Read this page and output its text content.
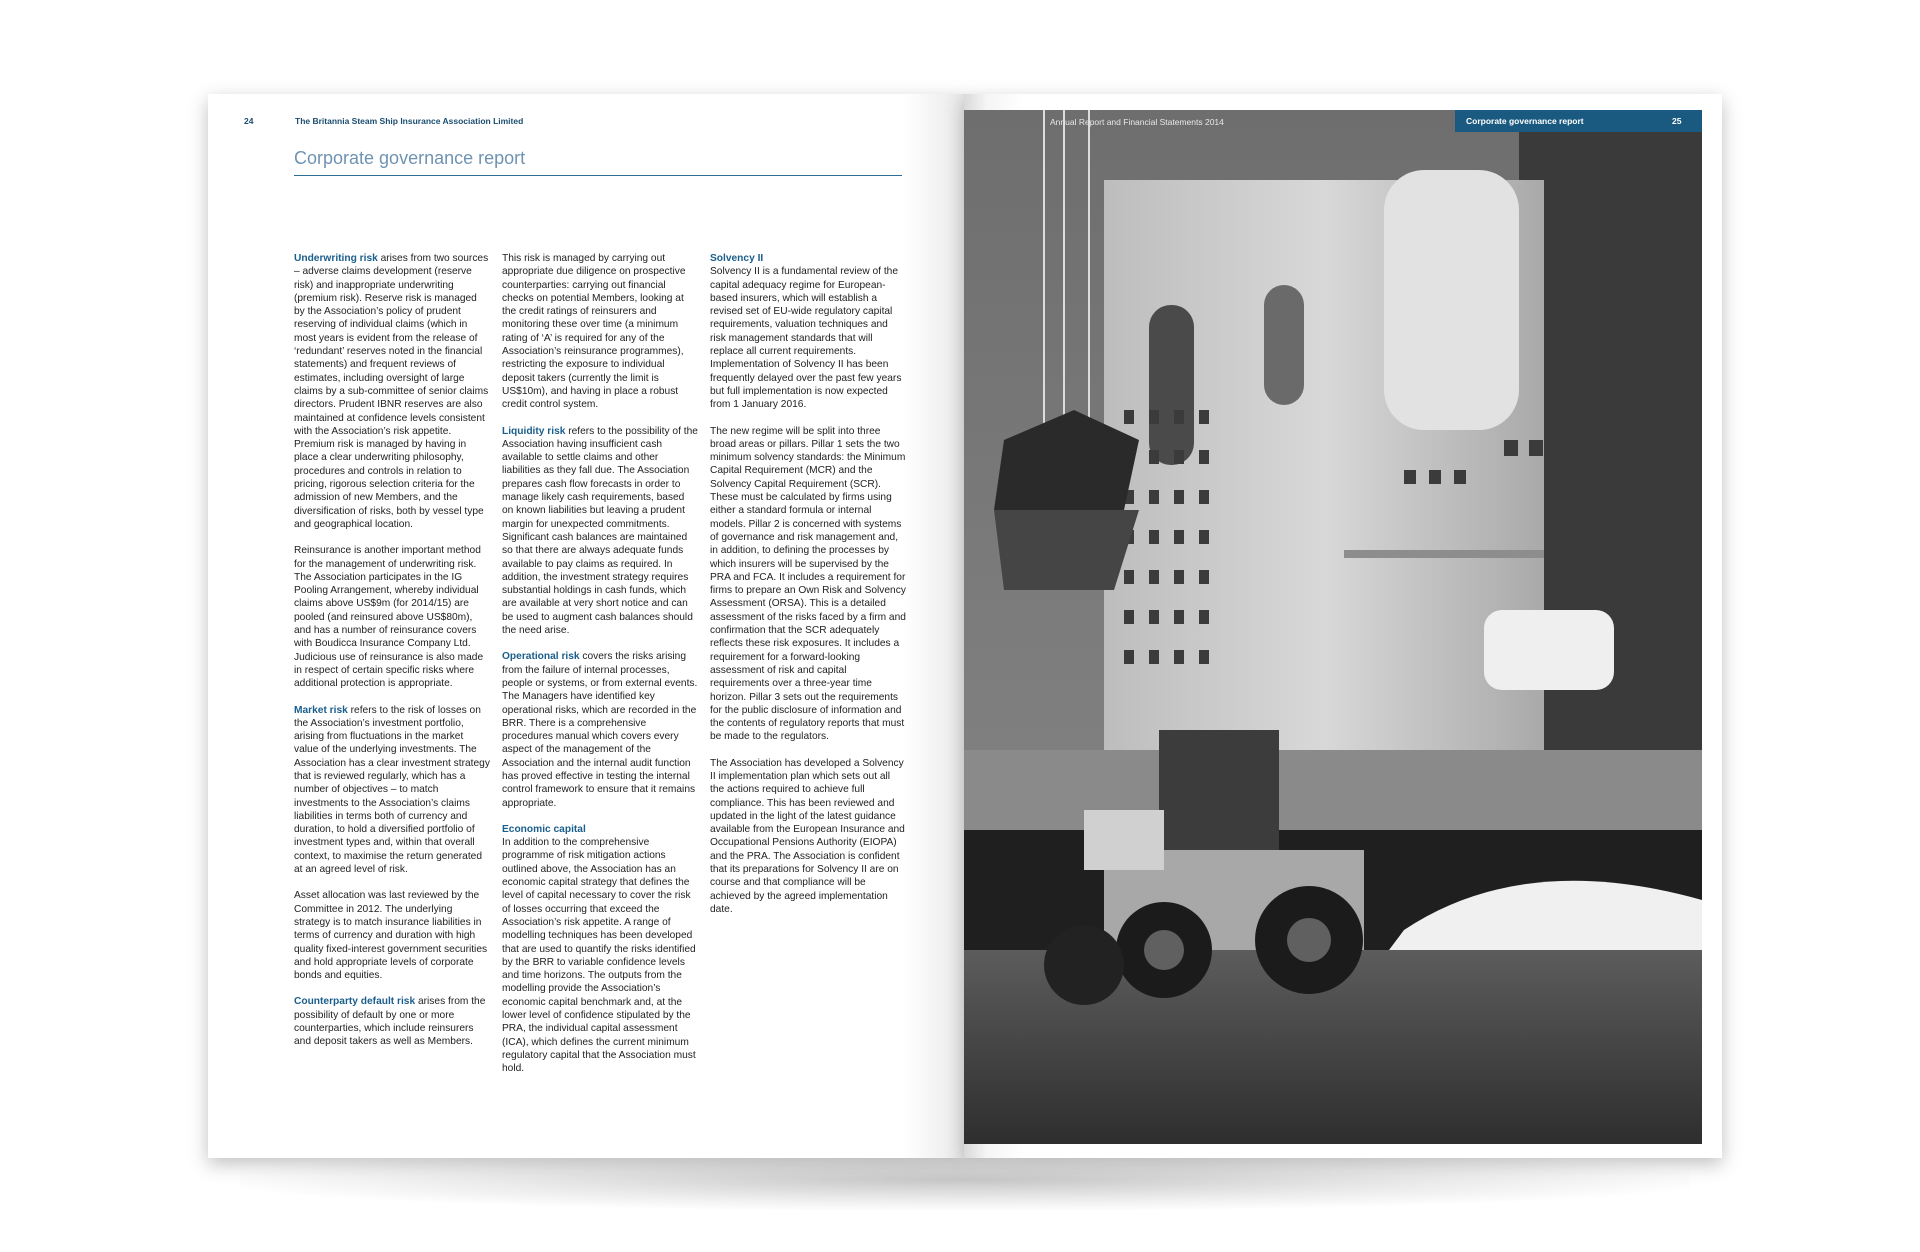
24	The Britannia Steam Ship Insurance Association Limited
Corporate governance report

Underwriting risk arises from two sources – adverse claims development (reserve risk) and inappropriate underwriting (premium risk). Reserve risk is managed by the Association’s policy of prudent reserving of individual claims (which in most years is evident from the release of ‘redundant’ reserves noted in the financial statements) and frequent reviews of estimates, including oversight of large claims by a sub-committee of senior claims directors. Prudent IBNR reserves are also maintained at confidence levels consistent with the Association’s risk appetite. Premium risk is managed by having in place a clear underwriting philosophy, procedures and controls in relation to pricing, rigorous selection criteria for the admission of new Members, and the diversification of risks, both by vessel type and geographical location.

Reinsurance is another important method for the management of underwriting risk. The Association participates in the IG Pooling Arrangement, whereby individual claims above US$9m (for 2014/15) are pooled (and reinsured above US$80m), and has a number of reinsurance covers with Boudicca Insurance Company Ltd. Judicious use of reinsurance is also made in respect of certain specific risks where additional protection is appropriate.

Market risk refers to the risk of losses on the Association’s investment portfolio, arising from fluctuations in the market value of the underlying investments. The Association has a clear investment strategy that is reviewed regularly, which has a number of objectives – to match investments to the Association’s claims liabilities in terms both of currency and duration, to hold a diversified portfolio of investment types and, within that overall context, to maximise the return generated at an agreed level of risk.

Asset allocation was last reviewed by the Committee in 2012. The underlying strategy is to match insurance liabilities in terms of currency and duration with high quality fixed-interest government securities and hold appropriate levels of corporate bonds and equities.

Counterparty default risk arises from the possibility of default by one or more counterparties, which include reinsurers and deposit takers as well as Members.

This risk is managed by carrying out appropriate due diligence on prospective counterparties: carrying out financial checks on potential Members, looking at the credit ratings of reinsurers and monitoring these over time (a minimum rating of ‘A’ is required for any of the Association’s reinsurance programmes), restricting the exposure to individual deposit takers (currently the limit is US$10m), and having in place a robust credit control system.

Liquidity risk refers to the possibility of the Association having insufficient cash available to settle claims and other liabilities as they fall due. The Association prepares cash flow forecasts in order to manage likely cash requirements, based on known liabilities but leaving a prudent margin for unexpected commitments. Significant cash balances are maintained so that there are always adequate funds available to pay claims as required. In addition, the investment strategy requires substantial holdings in cash funds, which are available at very short notice and can be used to augment cash balances should the need arise.

Operational risk covers the risks arising from the failure of internal processes, people or systems, or from external events. The Managers have identified key operational risks, which are recorded in the BRR. There is a comprehensive procedures manual which covers every aspect of the management of the Association and the internal audit function has proved effective in testing the internal control framework to ensure that it remains appropriate.

Economic capital
In addition to the comprehensive programme of risk mitigation actions outlined above, the Association has an economic capital strategy that defines the level of capital necessary to cover the risk of losses occurring that exceed the Association’s risk appetite. A range of modelling techniques has been developed that are used to quantify the risks identified by the BRR to variable confidence levels and time horizons. The outputs from the modelling provide the Association’s economic capital benchmark and, at the lower level of confidence stipulated by the PRA, the individual capital assessment (ICA), which defines the current minimum regulatory capital that the Association must hold.

Solvency II
Solvency II is a fundamental review of the capital adequacy regime for European-based insurers, which will establish a revised set of EU-wide regulatory capital requirements, valuation techniques and risk management standards that will replace all current requirements. Implementation of Solvency II has been frequently delayed over the past few years but full implementation is now expected from 1 January 2016.

The new regime will be split into three broad areas or pillars. Pillar 1 sets the two minimum solvency standards: the Minimum Capital Requirement (MCR) and the Solvency Capital Requirement (SCR). These must be calculated by firms using either a standard formula or internal models. Pillar 2 is concerned with systems of governance and risk management and, in addition, to defining the processes by which insurers will be supervised by the PRA and FCA. It includes a requirement for firms to prepare an Own Risk and Solvency Assessment (ORSA). This is a detailed assessment of the risks faced by a firm and confirmation that the SCR adequately reflects these risk exposures. It includes a requirement for a forward-looking assessment of risk and capital requirements over a three-year time horizon. Pillar 3 sets out the requirements for the public disclosure of information and the contents of regulatory reports that must be made to the regulators.

The Association has developed a Solvency II implementation plan which sets out all the actions required to achieve full compliance. This has been reviewed and updated in the light of the latest guidance available from the European Insurance and Occupational Pensions Authority (EIOPA) and the PRA. The Association is confident that its preparations for Solvency II are on course and that compliance will be achieved by the agreed implementation date.

Annual Report and Financial Statements 2014	Corporate governance report	25
